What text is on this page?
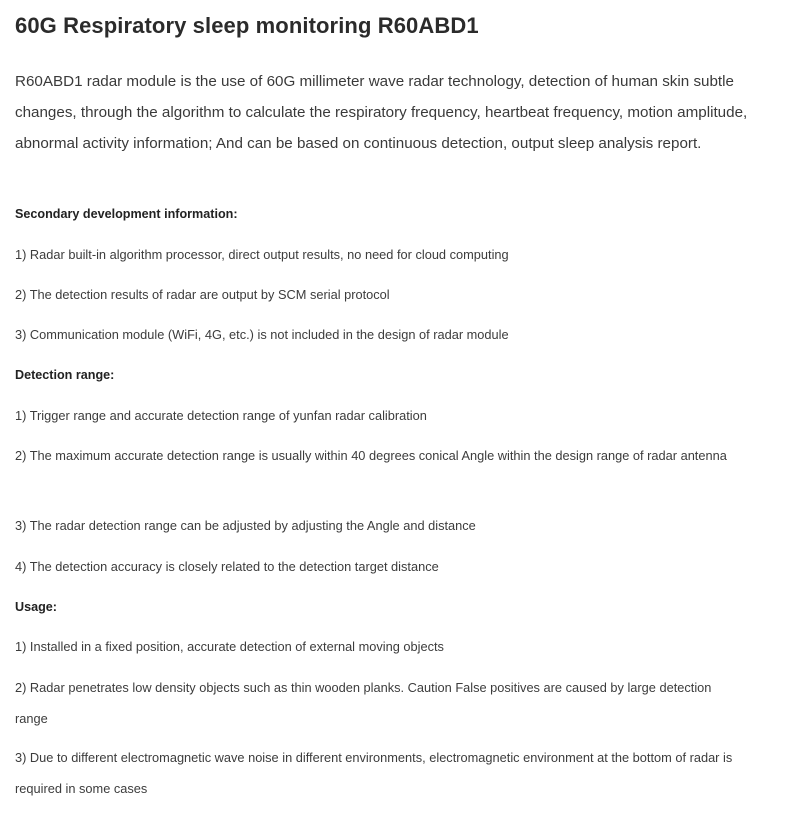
60G Respiratory sleep monitoring R60ABD1

R60ABD1 radar module is the use of 60G millimeter wave radar technology, detection of human skin subtle changes, through the algorithm to calculate the respiratory frequency, heartbeat frequency, motion amplitude, abnormal activity information; And can be based on continuous detection, output sleep analysis report.

Secondary development information:

1) Radar built-in algorithm processor, direct output results, no need for cloud computing

2) The detection results of radar are output by SCM serial protocol

3) Communication module (WiFi, 4G, etc.) is not included in the design of radar module

Detection range:

1) Trigger range and accurate detection range of yunfan radar calibration

2) The maximum accurate detection range is usually within 40 degrees conical Angle within the design range of radar antenna

3) The radar detection range can be adjusted by adjusting the Angle and distance

4) The detection accuracy is closely related to the detection target distance

Usage:

1) Installed in a fixed position, accurate detection of external moving objects

2) Radar penetrates low density objects such as thin wooden planks. Caution False positives are caused by large detection range

3) Due to different electromagnetic wave noise in different environments, electromagnetic environment at the bottom of radar is required in some cases
